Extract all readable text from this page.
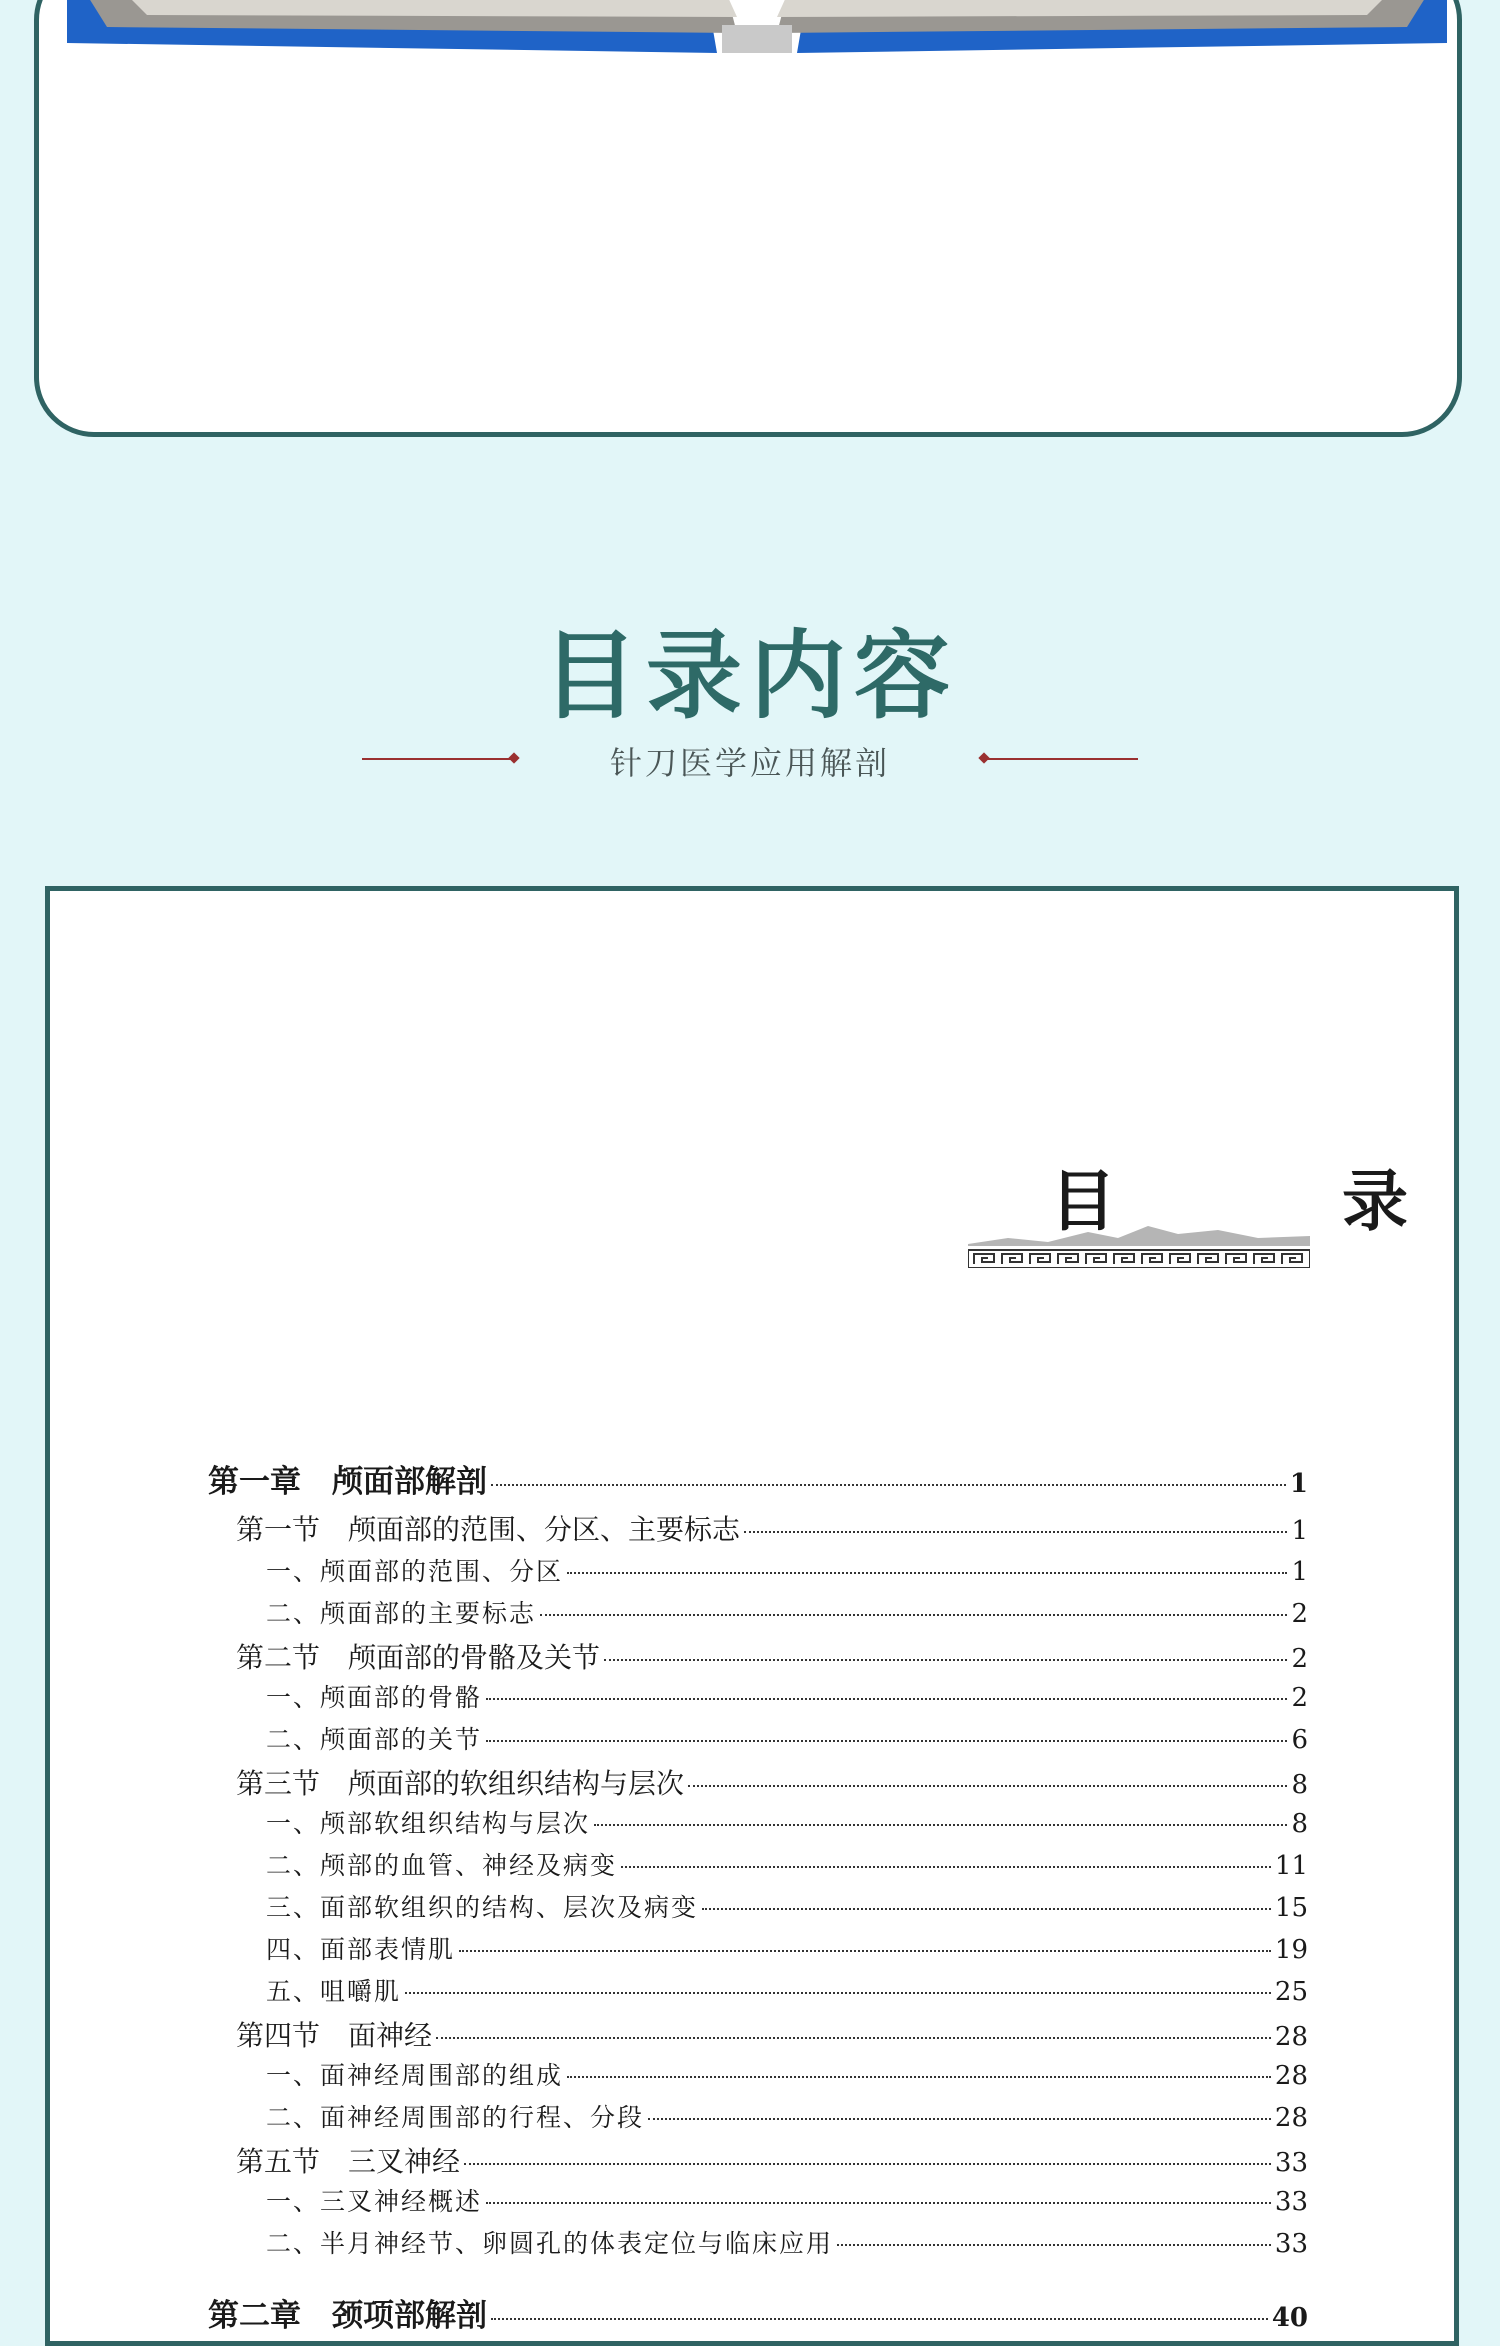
目录内容
针刀医学应用解剖
目　录
第一章　颅面部解剖	1
第一节　颅面部的范围、分区、主要标志	1
一、颅面部的范围、分区	1
二、颅面部的主要标志	2
第二节　颅面部的骨骼及关节	2
一、颅面部的骨骼	2
二、颅面部的关节	6
第三节　颅面部的软组织结构与层次	8
一、颅部软组织结构与层次	8
二、颅部的血管、神经及病变	11
三、面部软组织的结构、层次及病变	15
四、面部表情肌	19
五、咀嚼肌	25
第四节　面神经	28
一、面神经周围部的组成	28
二、面神经周围部的行程、分段	28
第五节　三叉神经	33
一、三叉神经概述	33
二、半月神经节、卵圆孔的体表定位与临床应用	33
第二章　颈项部解剖	40
